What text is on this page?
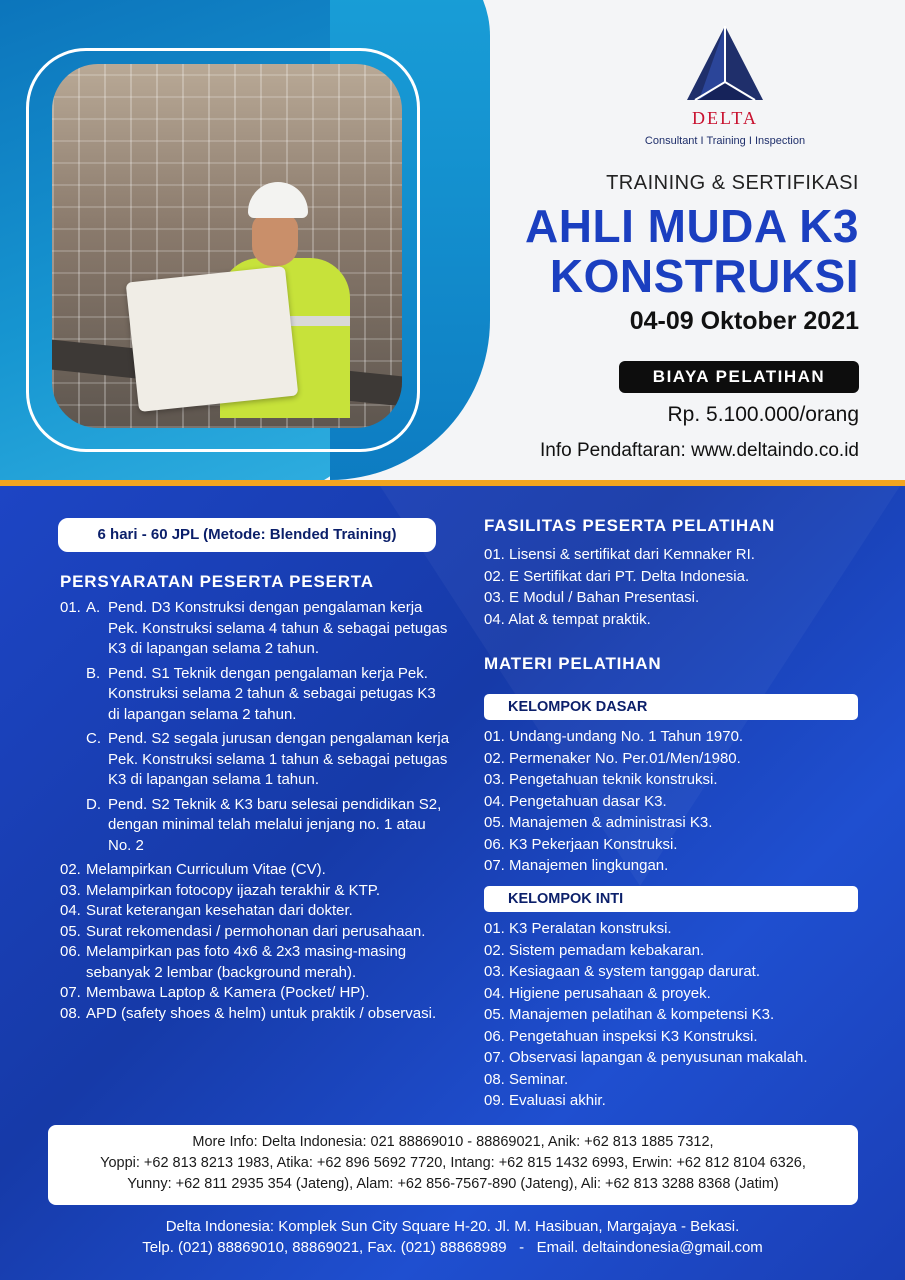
DELTA
Consultant I Training I Inspection
TRAINING & SERTIFIKASI
AHLI MUDA K3
KONSTRUKSI
04-09 Oktober 2021
BIAYA PELATIHAN
Rp. 5.100.000/orang
Info Pendaftaran: www.deltaindo.co.id
6 hari - 60 JPL (Metode: Blended Training)
PERSYARATAN PESERTA PESERTA
01. A. Pend. D3 Konstruksi dengan pengalaman kerja Pek. Konstruksi selama 4 tahun & sebagai petugas K3 di lapangan selama 2 tahun.
B. Pend. S1 Teknik dengan pengalaman kerja Pek. Konstruksi selama 2 tahun & sebagai petugas K3 di lapangan selama 2 tahun.
C. Pend. S2 segala jurusan dengan pengalaman kerja Pek. Konstruksi selama 1 tahun & sebagai petugas K3 di lapangan selama 1 tahun.
D. Pend. S2 Teknik & K3 baru selesai pendidikan S2, dengan minimal telah melalui jenjang no. 1 atau No. 2
02. Melampirkan Curriculum Vitae (CV).
03. Melampirkan fotocopy ijazah terakhir & KTP.
04. Surat keterangan kesehatan dari dokter.
05. Surat rekomendasi / permohonan dari perusahaan.
06. Melampirkan pas foto 4x6 & 2x3 masing-masing sebanyak 2 lembar (background merah).
07. Membawa Laptop & Kamera (Pocket/ HP).
08. APD (safety shoes & helm) untuk praktik / observasi.
FASILITAS PESERTA PELATIHAN
01. Lisensi & sertifikat dari Kemnaker RI.
02. E Sertifikat dari PT. Delta Indonesia.
03. E Modul / Bahan Presentasi.
04. Alat & tempat praktik.
MATERI PELATIHAN
KELOMPOK DASAR
01. Undang-undang No. 1 Tahun 1970.
02. Permenaker No. Per.01/Men/1980.
03. Pengetahuan teknik konstruksi.
04. Pengetahuan dasar K3.
05. Manajemen & administrasi K3.
06. K3 Pekerjaan Konstruksi.
07. Manajemen lingkungan.
KELOMPOK INTI
01. K3 Peralatan konstruksi.
02. Sistem pemadam kebakaran.
03. Kesiagaan & system tanggap darurat.
04. Higiene perusahaan & proyek.
05. Manajemen pelatihan & kompetensi K3.
06. Pengetahuan inspeksi K3 Konstruksi.
07. Observasi lapangan & penyusunan makalah.
08. Seminar.
09. Evaluasi akhir.
More Info: Delta Indonesia: 021 88869010 - 88869021, Anik: +62 813 1885 7312,
Yoppi: +62 813 8213 1983, Atika: +62 896 5692 7720, Intang: +62 815 1432 6993, Erwin: +62 812 8104 6326,
Yunny: +62 811 2935 354 (Jateng), Alam: +62 856-7567-890 (Jateng), Ali: +62 813 3288 8368 (Jatim)
Delta Indonesia: Komplek Sun City Square H-20. Jl. M. Hasibuan, Margajaya - Bekasi.
Telp. (021) 88869010, 88869021, Fax. (021) 88868989   -   Email. deltaindonesia@gmail.com
